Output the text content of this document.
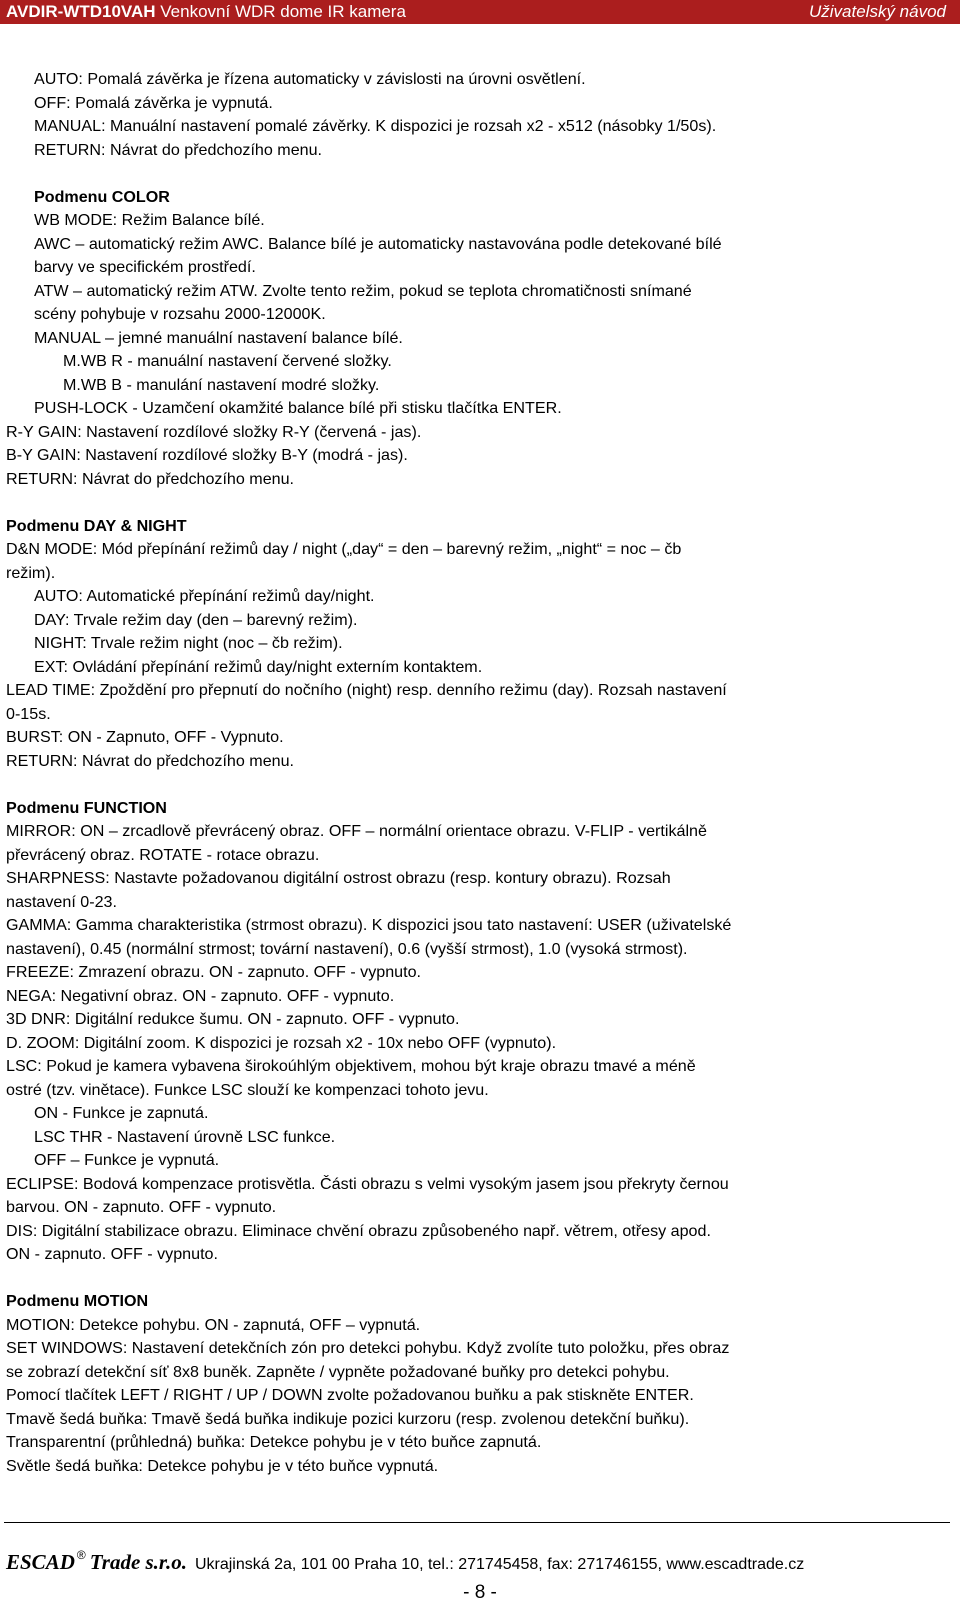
AVDIR-WTD10VAH Venkovní WDR dome IR kamera	Uživatelský návod
AUTO: Pomalá závěrka je řízena automaticky v závislosti na úrovni osvětlení.
OFF: Pomalá závěrka je vypnutá.
MANUAL: Manuální nastavení pomalé závěrky. K dispozici je rozsah x2 - x512 (násobky 1/50s).
RETURN: Návrat do předchozího menu.
Podmenu COLOR
WB MODE: Režim Balance bílé.
AWC – automatický režim AWC. Balance bílé je automaticky nastavována podle detekované bílé
barvy ve specifickém prostředí.
ATW – automatický režim ATW. Zvolte tento režim, pokud se teplota chromatičnosti snímané
scény pohybuje v rozsahu 2000-12000K.
MANUAL – jemné manuální nastavení balance bílé.
M.WB R - manuální nastavení červené složky.
M.WB B - manulání nastavení modré složky.
PUSH-LOCK - Uzamčení okamžité balance bílé při stisku tlačítka ENTER.
R-Y GAIN: Nastavení rozdílové složky R-Y (červená - jas).
B-Y GAIN: Nastavení rozdílové složky B-Y (modrá - jas).
RETURN: Návrat do předchozího menu.
Podmenu DAY & NIGHT
D&N MODE: Mód přepínání režimů day / night („day“ = den – barevný režim, „night“ = noc – čb
režim).
AUTO: Automatické přepínání režimů day/night.
DAY: Trvale režim day (den – barevný režim).
NIGHT: Trvale režim night (noc – čb režim).
EXT: Ovládání přepínání režimů day/night externím kontaktem.
LEAD TIME: Zpoždění pro přepnutí do nočního (night) resp. denního režimu (day). Rozsah nastavení
0-15s.
BURST: ON - Zapnuto, OFF - Vypnuto.
RETURN: Návrat do předchozího menu.
Podmenu FUNCTION
MIRROR: ON – zrcadlově převrácený obraz. OFF – normální orientace obrazu. V-FLIP - vertikálně
převrácený obraz. ROTATE - rotace obrazu.
SHARPNESS: Nastavte požadovanou digitální ostrost obrazu (resp. kontury obrazu). Rozsah
nastavení 0-23.
GAMMA: Gamma charakteristika (strmost obrazu). K dispozici jsou tato nastavení: USER (uživatelské
nastavení), 0.45 (normální strmost; tovární nastavení), 0.6 (vyšší strmost), 1.0 (vysoká strmost).
FREEZE: Zmrazení obrazu. ON - zapnuto. OFF - vypnuto.
NEGA: Negativní obraz. ON - zapnuto. OFF - vypnuto.
3D DNR: Digitální redukce šumu. ON - zapnuto. OFF - vypnuto.
D. ZOOM: Digitální zoom. K dispozici je rozsah x2 - 10x nebo OFF (vypnuto).
LSC: Pokud je kamera vybavena širokoúhlým objektivem, mohou být kraje obrazu tmavé a méně
ostré (tzv. vinětace). Funkce LSC slouží ke kompenzaci tohoto jevu.
ON - Funkce je zapnutá.
LSC THR - Nastavení úrovně LSC funkce.
OFF – Funkce je vypnutá.
ECLIPSE: Bodová kompenzace protisvětla. Části obrazu s velmi vysokým jasem jsou překryty černou
barvou. ON - zapnuto. OFF - vypnuto.
DIS: Digitální stabilizace obrazu. Eliminace chvění obrazu způsobeného např. větrem, otřesy apod.
ON - zapnuto. OFF - vypnuto.
Podmenu MOTION
MOTION: Detekce pohybu. ON - zapnutá, OFF – vypnutá.
SET WINDOWS: Nastavení detekčních zón pro detekci pohybu. Když zvolíte tuto položku, přes obraz
se zobrazí detekční síť 8x8 buněk. Zapněte / vypněte požadované buňky pro detekci pohybu.
Pomocí tlačítek LEFT / RIGHT / UP / DOWN zvolte požadovanou buňku a pak stiskněte ENTER.
Tmavě šedá buňka: Tmavě šedá buňka indikuje pozici kurzoru (resp. zvolenou detekční buňku).
Transparentní (průhledná) buňka: Detekce pohybu je v této buňce zapnutá.
Světle šedá buňka: Detekce pohybu je v této buňce vypnutá.
ESCAD ® Trade s.r.o. Ukrajinská 2a, 101 00 Praha 10, tel.: 271745458, fax: 271746155, www.escadtrade.cz
- 8 -
